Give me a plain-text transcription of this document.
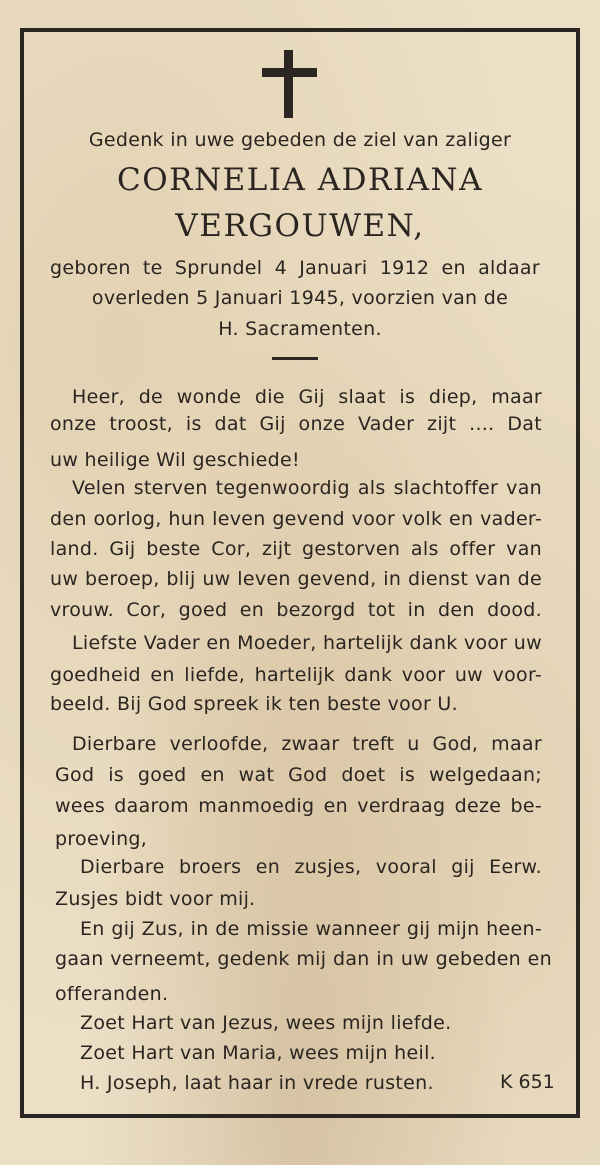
Gedenk in uwe gebeden de ziel van zaliger
CORNELIA ADRIANA
VERGOUWEN,
geboren te Sprundel 4 Januari 1912 en aldaar
overleden 5 Januari 1945, voorzien van de
H. Sacramenten.
Heer, de wonde die Gij slaat is diep, maar
onze troost, is dat Gij onze Vader zijt .... Dat
uw heilige Wil geschiede!
Velen sterven tegenwoordig als slachtoffer van
den oorlog, hun leven gevend voor volk en vader-
land. Gij beste Cor, zijt gestorven als offer van
uw beroep, blij uw leven gevend, in dienst van de
vrouw. Cor, goed en bezorgd tot in den dood.
Liefste Vader en Moeder, hartelijk dank voor uw
goedheid en liefde, hartelijk dank voor uw voor-
beeld. Bij God spreek ik ten beste voor U.
Dierbare verloofde, zwaar treft u God, maar
God is goed en wat God doet is welgedaan;
wees daarom manmoedig en verdraag deze be-
proeving,
Dierbare broers en zusjes, vooral gij Eerw.
Zusjes bidt voor mij.
En gij Zus, in de missie wanneer gij mijn heen-
gaan verneemt, gedenk mij dan in uw gebeden en
offeranden.
Zoet Hart van Jezus, wees mijn liefde.
Zoet Hart van Maria, wees mijn heil.
H. Joseph, laat haar in vrede rusten.	K 651
